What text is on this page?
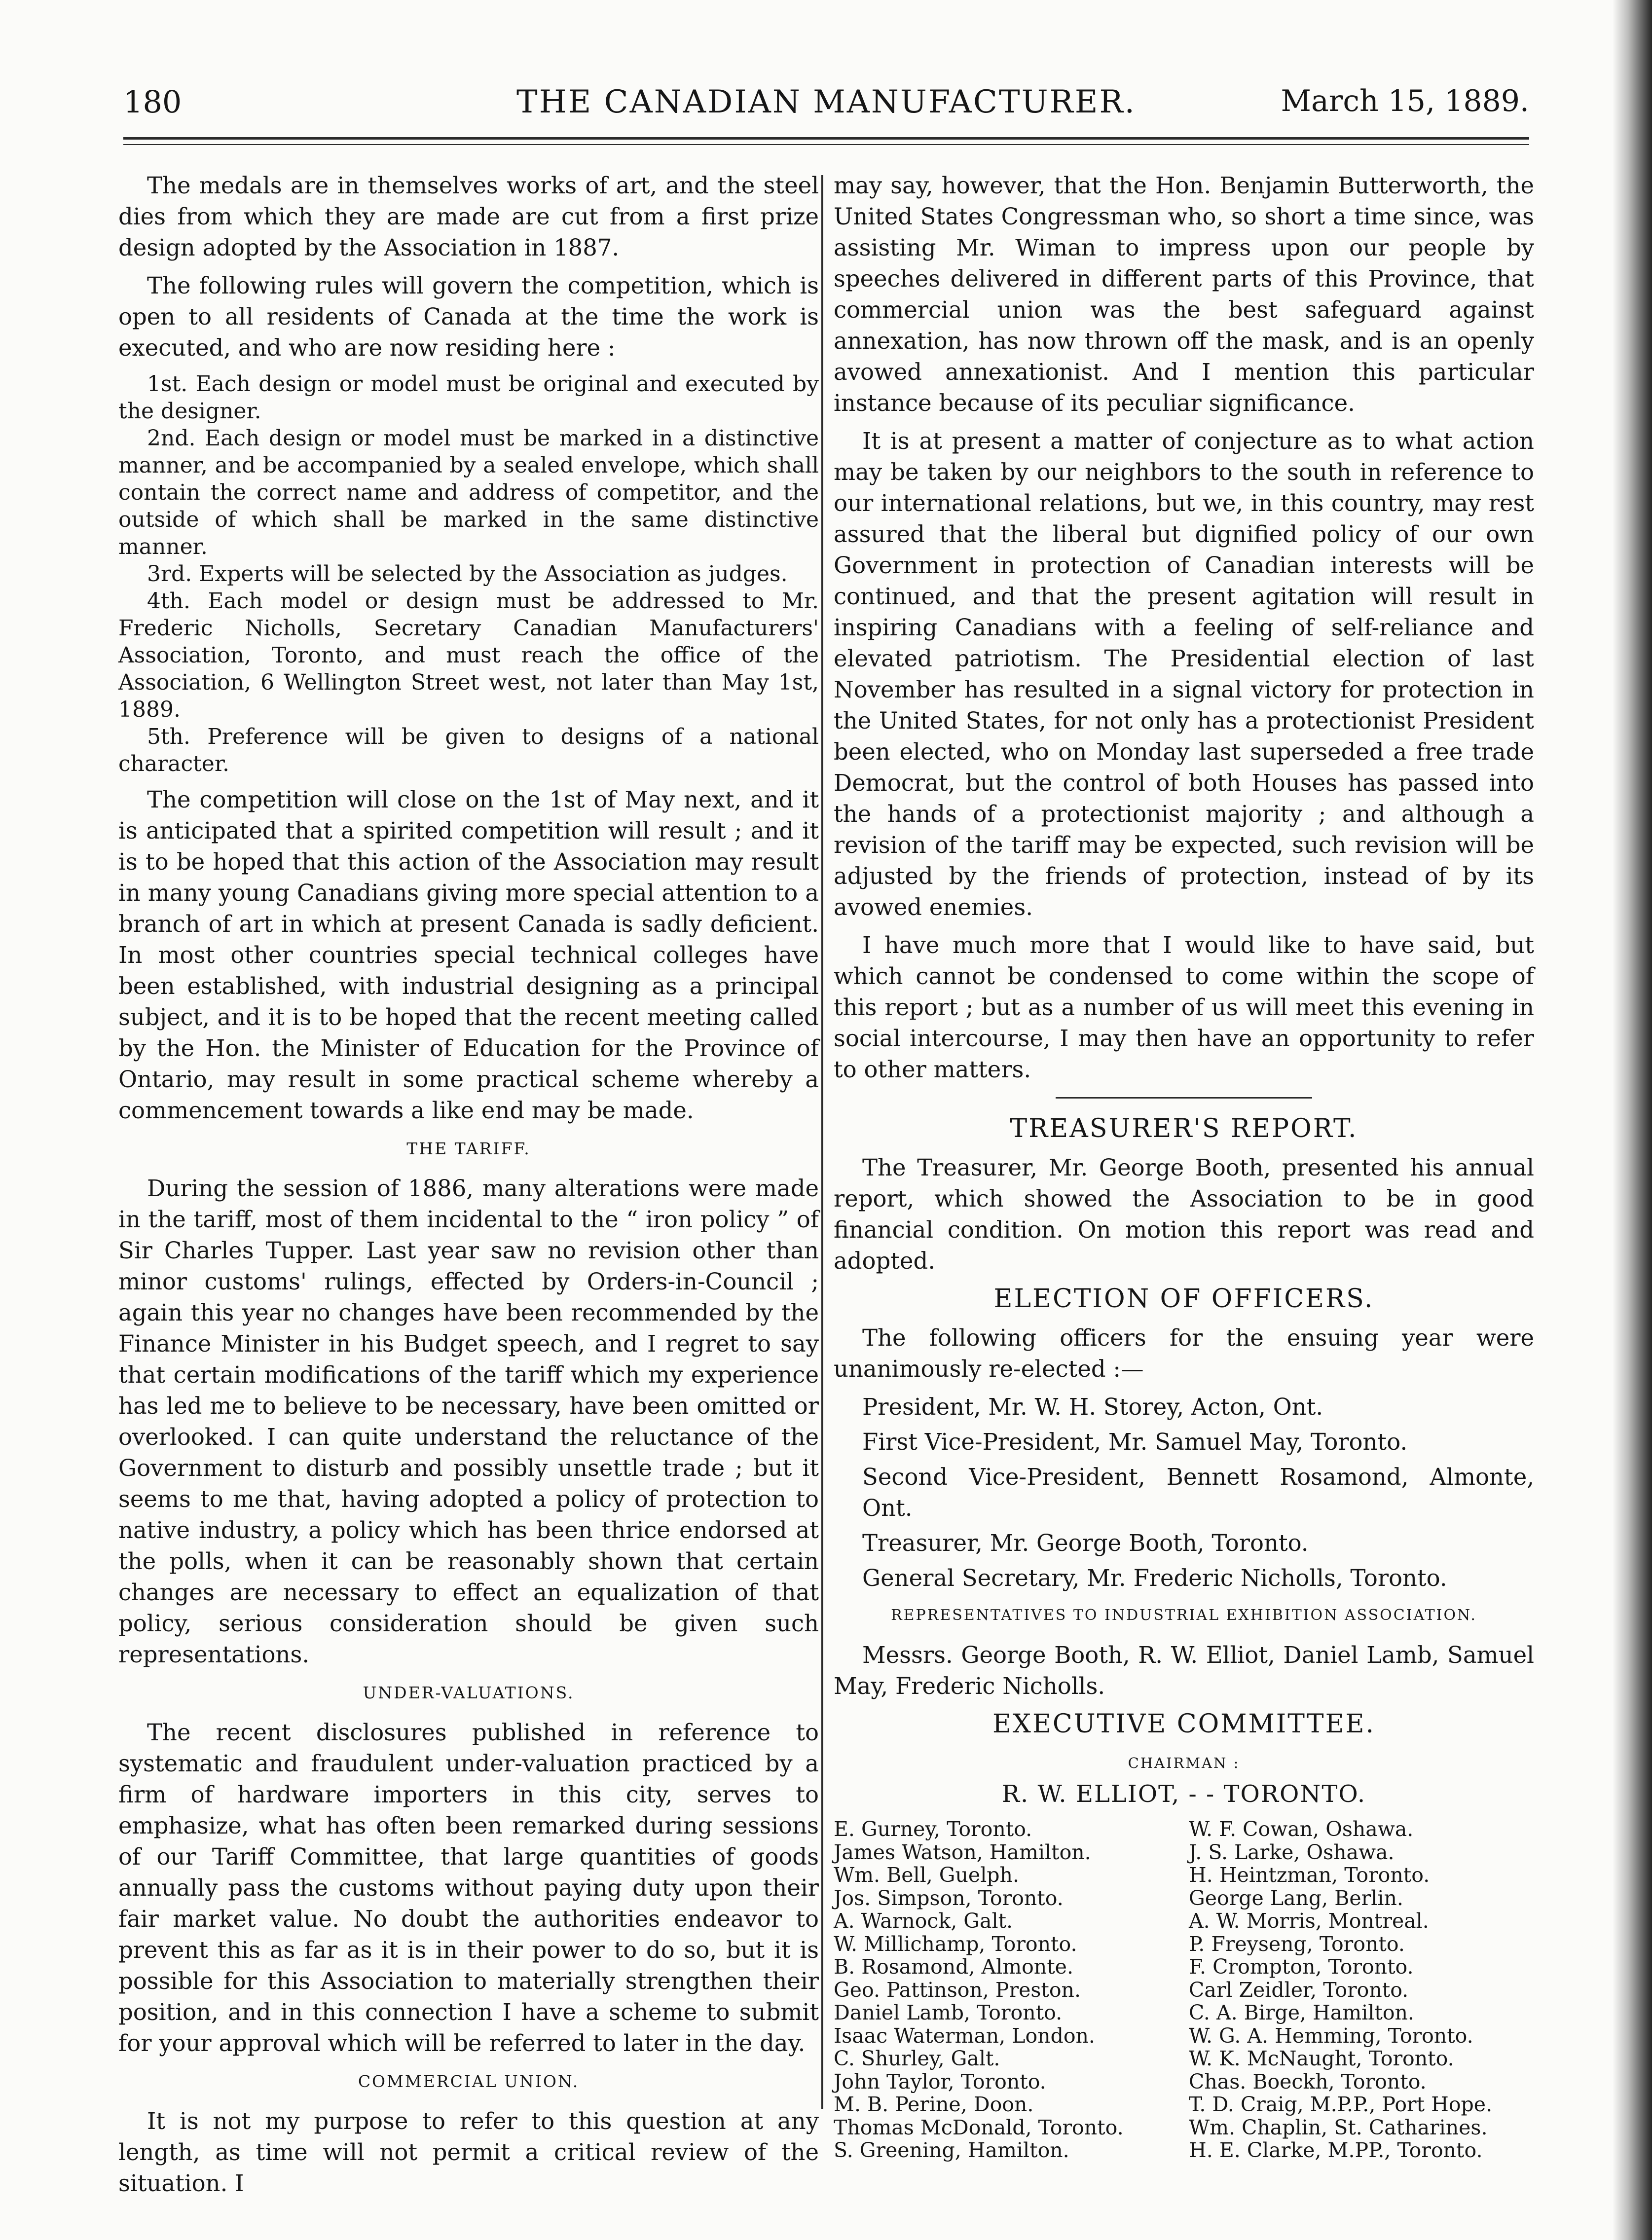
180	THE CANADIAN MANUFACTURER.	March 15, 1889.

The medals are in themselves works of art, and the steel dies from which they are made are cut from a first prize design adopted by the Association in 1887.

The following rules will govern the competition, which is open to all residents of Canada at the time the work is executed, and who are now residing here :

1st. Each design or model must be original and executed by the designer.

2nd. Each design or model must be marked in a distinctive manner, and be accompanied by a sealed envelope, which shall contain the correct name and address of competitor, and the outside of which shall be marked in the same distinctive manner.

3rd. Experts will be selected by the Association as judges.

4th. Each model or design must be addressed to Mr. Frederic Nicholls, Secretary Canadian Manufacturers' Association, Toronto, and must reach the office of the Association, 6 Wellington Street west, not later than May 1st, 1889.

5th. Preference will be given to designs of a national character.

The competition will close on the 1st of May next, and it is anticipated that a spirited competition will result ; and it is to be hoped that this action of the Association may result in many young Canadians giving more special attention to a branch of art in which at present Canada is sadly deficient. In most other countries special technical colleges have been established, with industrial designing as a principal subject, and it is to be hoped that the recent meeting called by the Hon. the Minister of Education for the Province of Ontario, may result in some practical scheme whereby a commencement towards a like end may be made.

THE TARIFF.

During the session of 1886, many alterations were made in the tariff, most of them incidental to the “ iron policy ” of Sir Charles Tupper. Last year saw no revision other than minor customs' rulings, effected by Orders-in-Council ; again this year no changes have been recommended by the Finance Minister in his Budget speech, and I regret to say that certain modifications of the tariff which my experience has led me to believe to be necessary, have been omitted or overlooked. I can quite understand the reluctance of the Government to disturb and possibly unsettle trade ; but it seems to me that, having adopted a policy of protection to native industry, a policy which has been thrice endorsed at the polls, when it can be reasonably shown that certain changes are necessary to effect an equalization of that policy, serious consideration should be given such representations.

UNDER-VALUATIONS.

The recent disclosures published in reference to systematic and fraudulent under-valuation practiced by a firm of hardware importers in this city, serves to emphasize, what has often been remarked during sessions of our Tariff Committee, that large quantities of goods annually pass the customs without paying duty upon their fair market value. No doubt the authorities endeavor to prevent this as far as it is in their power to do so, but it is possible for this Association to materially strengthen their position, and in this connection I have a scheme to submit for your approval which will be referred to later in the day.

COMMERCIAL UNION.

It is not my purpose to refer to this question at any length, as time will not permit a critical review of the situation. I

may say, however, that the Hon. Benjamin Butterworth, the United States Congressman who, so short a time since, was assisting Mr. Wiman to impress upon our people by speeches delivered in different parts of this Province, that commercial union was the best safeguard against annexation, has now thrown off the mask, and is an openly avowed annexationist. And I mention this particular instance because of its peculiar significance.

It is at present a matter of conjecture as to what action may be taken by our neighbors to the south in reference to our international relations, but we, in this country, may rest assured that the liberal but dignified policy of our own Government in protection of Canadian interests will be continued, and that the present agitation will result in inspiring Canadians with a feeling of self-reliance and elevated patriotism. The Presidential election of last November has resulted in a signal victory for protection in the United States, for not only has a protectionist President been elected, who on Monday last superseded a free trade Democrat, but the control of both Houses has passed into the hands of a protectionist majority ; and although a revision of the tariff may be expected, such revision will be adjusted by the friends of protection, instead of by its avowed enemies.

I have much more that I would like to have said, but which cannot be condensed to come within the scope of this report ; but as a number of us will meet this evening in social intercourse, I may then have an opportunity to refer to other matters.

TREASURER'S REPORT.

The Treasurer, Mr. George Booth, presented his annual report, which showed the Association to be in good financial condition. On motion this report was read and adopted.

ELECTION OF OFFICERS.

The following officers for the ensuing year were unanimously re-elected :—

President, Mr. W. H. Storey, Acton, Ont.
First Vice-President, Mr. Samuel May, Toronto.
Second Vice-President, Bennett Rosamond, Almonte, Ont.
Treasurer, Mr. George Booth, Toronto.
General Secretary, Mr. Frederic Nicholls, Toronto.
REPRESENTATIVES TO INDUSTRIAL EXHIBITION ASSOCIATION.

Messrs. George Booth, R. W. Elliot, Daniel Lamb, Samuel May, Frederic Nicholls.

EXECUTIVE COMMITTEE.
CHAIRMAN :
R. W. ELLIOT, - - TORONTO.
E. Gurney, Toronto.
James Watson, Hamilton.
Wm. Bell, Guelph.
Jos. Simpson, Toronto.
A. Warnock, Galt.
W. Millichamp, Toronto.
B. Rosamond, Almonte.
Geo. Pattinson, Preston.
Daniel Lamb, Toronto.
Isaac Waterman, London.
C. Shurley, Galt.
John Taylor, Toronto.
M. B. Perine, Doon.
Thomas McDonald, Toronto.
S. Greening, Hamilton.
W. F. Cowan, Oshawa.
J. S. Larke, Oshawa.
H. Heintzman, Toronto.
George Lang, Berlin.
A. W. Morris, Montreal.
P. Freyseng, Toronto.
F. Crompton, Toronto.
Carl Zeidler, Toronto.
C. A. Birge, Hamilton.
W. G. A. Hemming, Toronto.
W. K. McNaught, Toronto.
Chas. Boeckh, Toronto.
T. D. Craig, M.P.P., Port Hope.
Wm. Chaplin, St. Catharines.
H. E. Clarke, M.PP., Toronto.
